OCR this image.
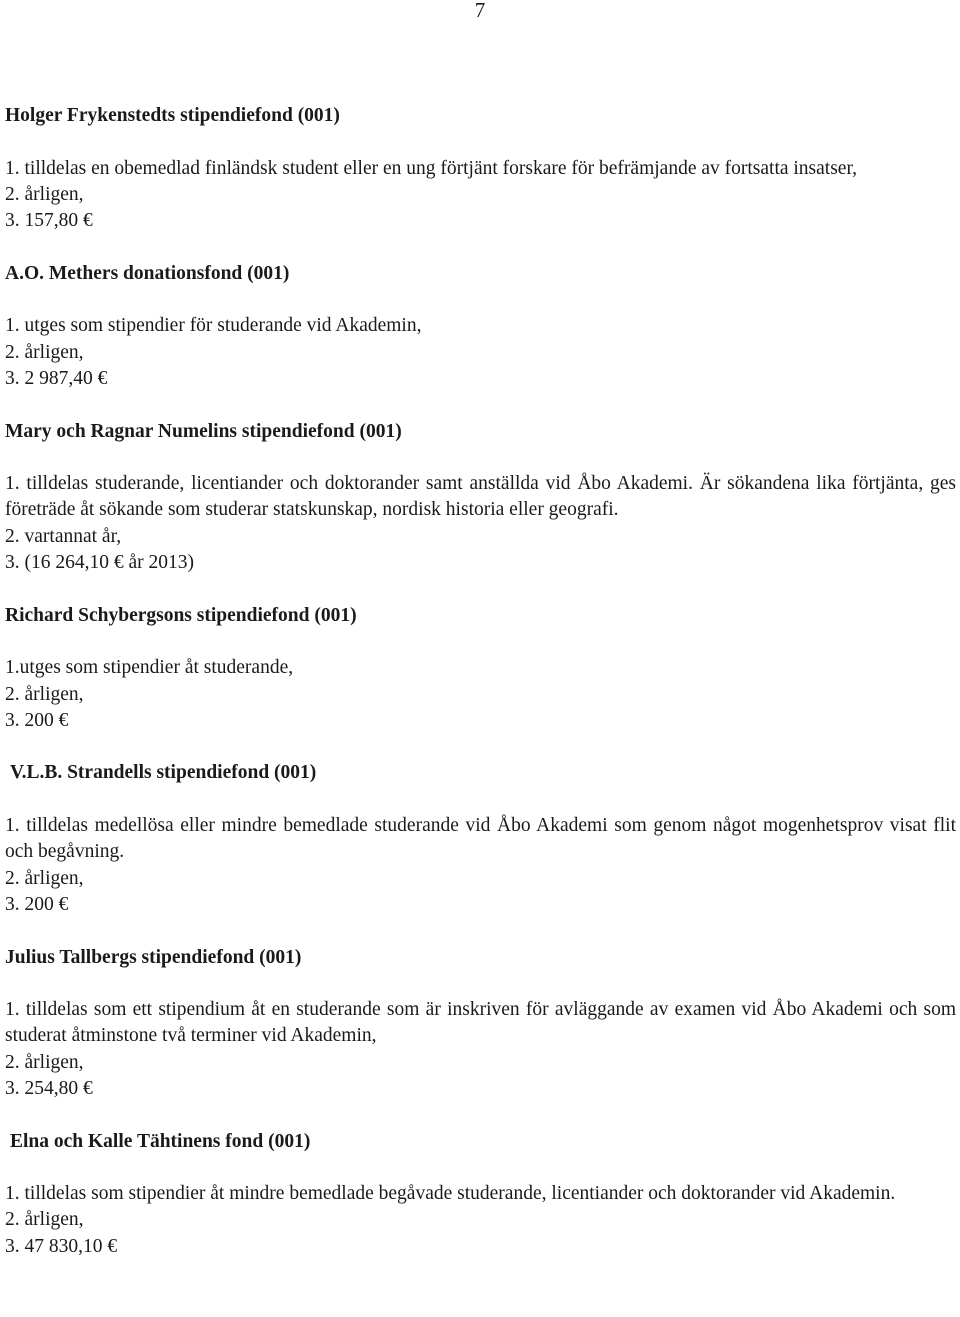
7
Holger Frykenstedts stipendiefond (001)
1. tilldelas en obemedlad finländsk student eller en ung förtjänt forskare för befrämjande av fortsatta insatser,
2. årligen,
3. 157,80 €
A.O. Methers donationsfond (001)
1. utges som stipendier för studerande vid Akademin,
2. årligen,
3. 2 987,40 €
Mary och Ragnar Numelins stipendiefond (001)
1. tilldelas studerande, licentiander och doktorander samt anställda vid Åbo Akademi. Är sökandena lika förtjänta, ges företräde åt sökande som studerar statskunskap, nordisk historia eller geografi.
2. vartannat år,
3. (16 264,10 € år 2013)
Richard Schybergsons stipendiefond (001)
1.utges som stipendier åt studerande,
2. årligen,
3. 200 €
V.L.B. Strandells stipendiefond (001)
1. tilldelas medellösa eller mindre bemedlade studerande vid Åbo Akademi som genom något mogenhetsprov visat flit och begåvning.
2. årligen,
3. 200 €
Julius Tallbergs stipendiefond (001)
1. tilldelas som ett stipendium åt en studerande som är inskriven för avläggande av examen vid Åbo Akademi och som studerat åtminstone två terminer vid Akademin,
2. årligen,
3. 254,80 €
Elna och Kalle Tähtinens fond (001)
1. tilldelas som stipendier åt mindre bemedlade begåvade studerande, licentiander och doktorander vid Akademin.
2. årligen,
3. 47 830,10 €
